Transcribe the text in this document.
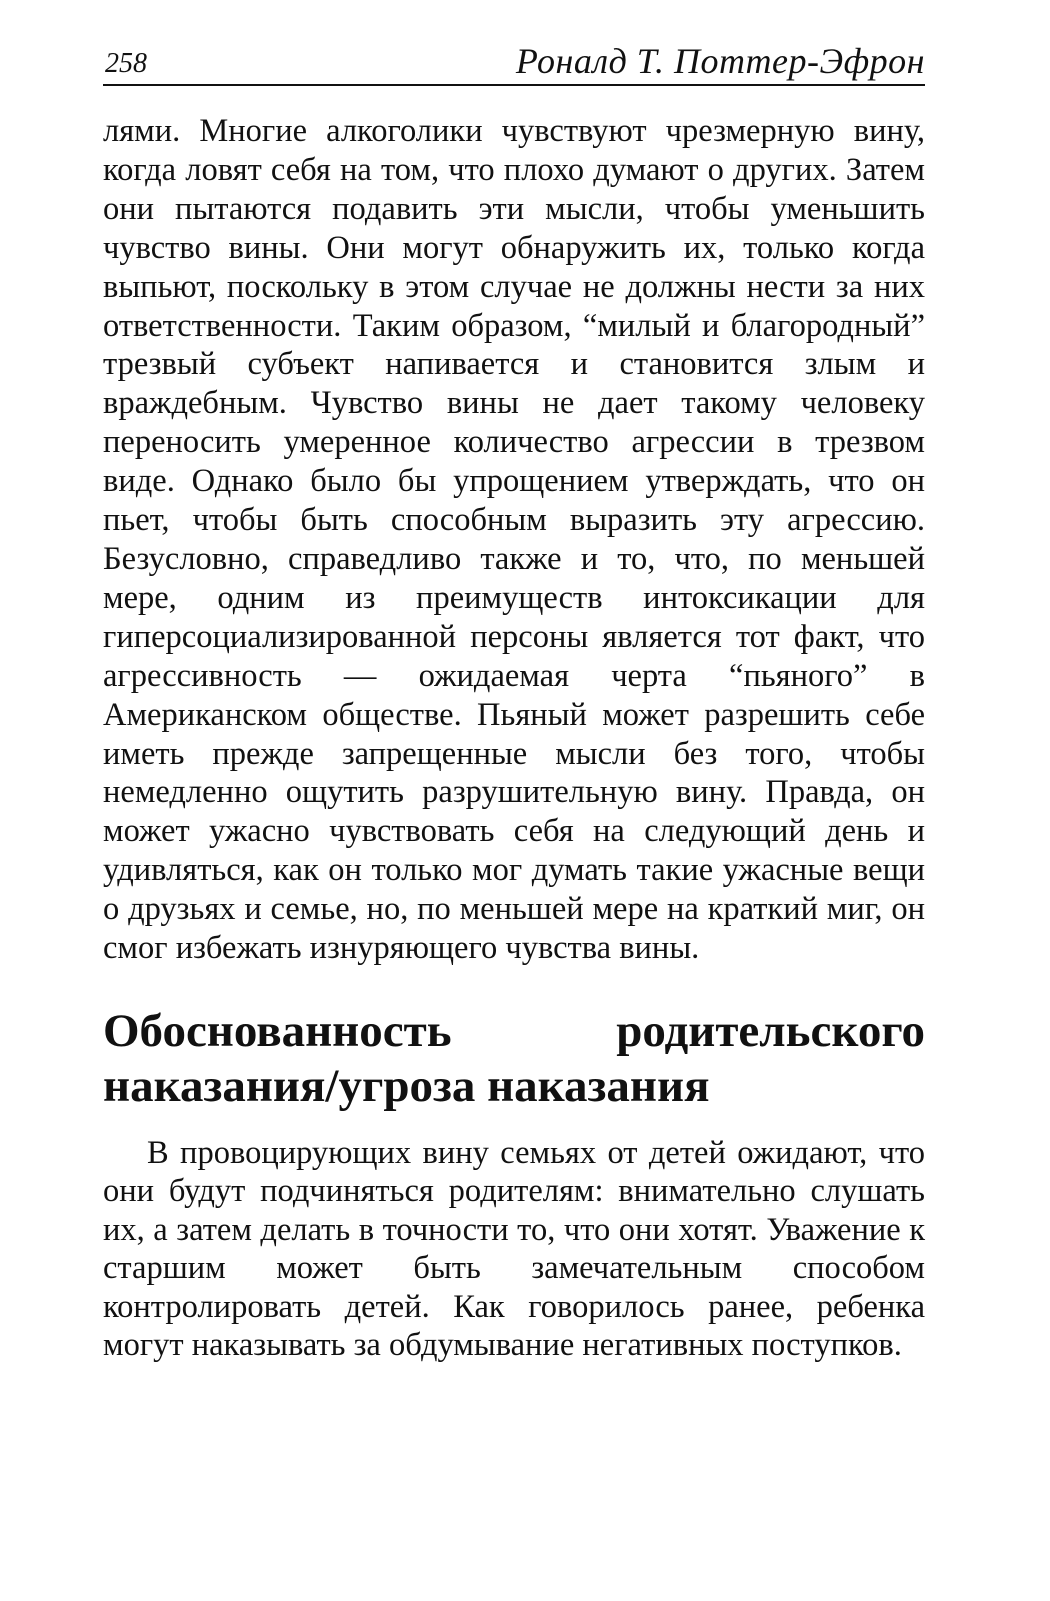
258	Роналд Т. Поттер-Эфрон

лями. Многие алкоголики чувствуют чрезмерную вину, когда ловят себя на том, что плохо думают о других. Затем они пытаются подавить эти мысли, чтобы уменьшить чувство вины. Они могут обнаружить их, только когда выпьют, поскольку в этом случае не должны нести за них ответственности. Таким образом, “милый и благородный” трезвый субъект напивается и становится злым и враждебным. Чувство вины не дает такому человеку переносить умеренное количество агрессии в трезвом виде. Однако было бы упрощением утверждать, что он пьет, чтобы быть способным выразить эту агрессию. Безусловно, справедливо также и то, что, по меньшей мере, одним из преимуществ интоксикации для гиперсоциализированной персоны является тот факт, что агрессивность — ожидаемая черта “пьяного” в Американском обществе. Пьяный может разрешить себе иметь прежде запрещенные мысли без того, чтобы немедленно ощутить разрушительную вину. Правда, он может ужасно чувствовать себя на следующий день и удивляться, как он только мог думать такие ужасные вещи о друзьях и семье, но, по меньшей мере на краткий миг, он смог избежать изнуряющего чувства вины.

Обоснованность родительского наказания/угроза наказания

В провоцирующих вину семьях от детей ожидают, что они будут подчиняться родителям: внимательно слушать их, а затем делать в точности то, что они хотят. Уважение к старшим может быть замечательным способом контролировать детей. Как говорилось ранее, ребенка могут наказывать за обдумывание негативных поступков.
